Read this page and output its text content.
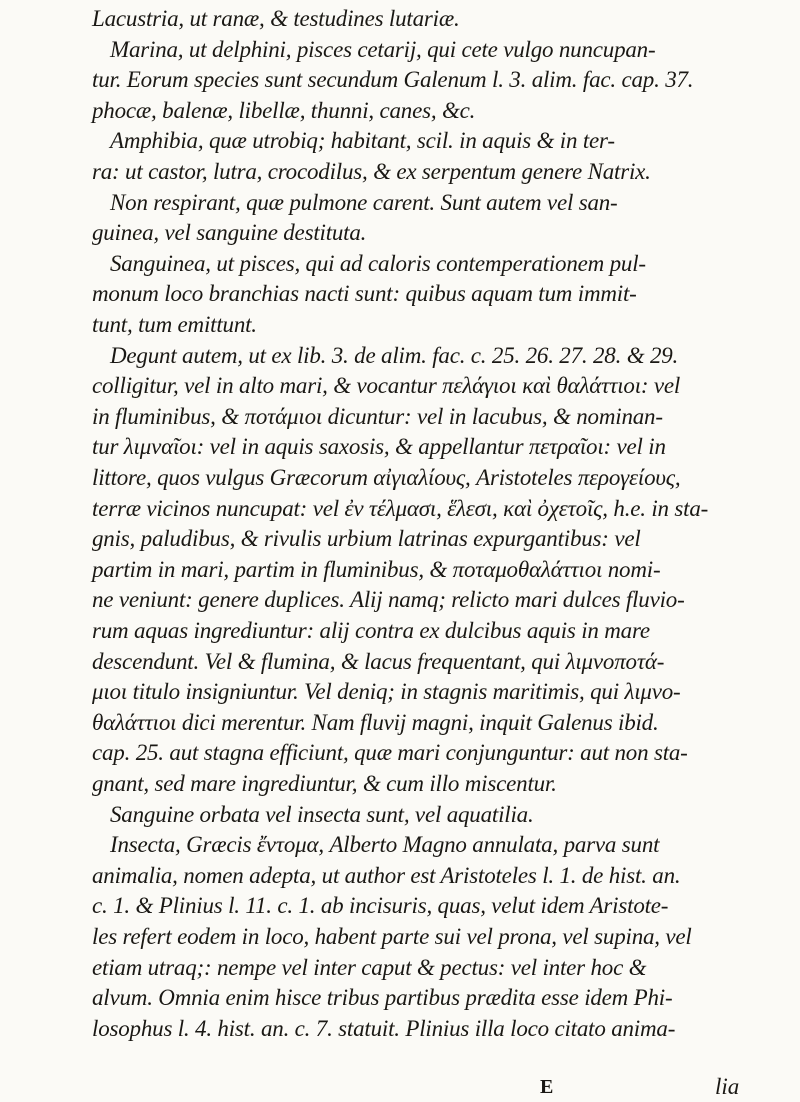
Lacustria, ut ranæ, & testudines lutariæ.
Marina, ut delphini, pisces cetarij, qui cete vulgo nuncupan-
tur. Eorum species sunt secundum Galenum l. 3. alim. fac. cap. 37.
phocæ, balenæ, libellæ, thunni, canes, &c.
Amphibia, quæ utrobiq; habitant, scil. in aquis & in ter-
ra: ut castor, lutra, crocodilus, & ex serpentum genere Natrix.
Non respirant, quæ pulmone carent. Sunt autem vel san-
guinea, vel sanguine destituta.
Sanguinea, ut pisces, qui ad caloris contemperationem pul-
monum loco branchias nacti sunt: quibus aquam tum immit-
tunt, tum emittunt.
Degunt autem, ut ex lib. 3. de alim. fac. c. 25. 26. 27. 28. & 29.
colligitur, vel in alto mari, & vocantur πελάγιοι καὶ θαλάττιοι: vel
in fluminibus, & ποτάμιοι dicuntur: vel in lacubus, & nominan-
tur λιμναῖοι: vel in aquis saxosis, & appellantur πετραῖοι: vel in
littore, quos vulgus Græcorum αἰγιαλίους, Aristoteles περογείους,
terræ vicinos nuncupat: vel ἐν τέλμασι, ἕλεσι, καὶ ὀχετοῖς, h.e. in sta-
gnis, paludibus, & rivulis urbium latrinas expurgantibus: vel
partim in mari, partim in fluminibus, & ποταμοθαλάττιοι nomi-
ne veniunt: genere duplices. Alij namq; relicto mari dulces fluvio-
rum aquas ingrediuntur: alij contra ex dulcibus aquis in mare
descendunt. Vel & flumina, & lacus frequentant, qui λιμνοποτά-
μιοι titulo insigniuntur. Vel deniq; in stagnis maritimis, qui λιμνο-
θαλάττιοι dici merentur. Nam fluvij magni, inquit Galenus ibid.
cap. 25. aut stagna efficiunt, quæ mari conjunguntur: aut non sta-
gnant, sed mare ingrediuntur, & cum illo miscentur.
Sanguine orbata vel insecta sunt, vel aquatilia.
Insecta, Græcis ἔντομα, Alberto Magno annulata, parva sunt
animalia, nomen adepta, ut author est Aristoteles l. 1. de hist. an.
c. 1. & Plinius l. 11. c. 1. ab incisuris, quas, velut idem Aristote-
les refert eodem in loco, habent parte sui vel prona, vel supina, vel
etiam utraq;: nempe vel inter caput & pectus: vel inter hoc &
alvum. Omnia enim hisce tribus partibus prædita esse idem Phi-
losophus l. 4. hist. an. c. 7. statuit. Plinius illa loco citato anima-
E	lia
